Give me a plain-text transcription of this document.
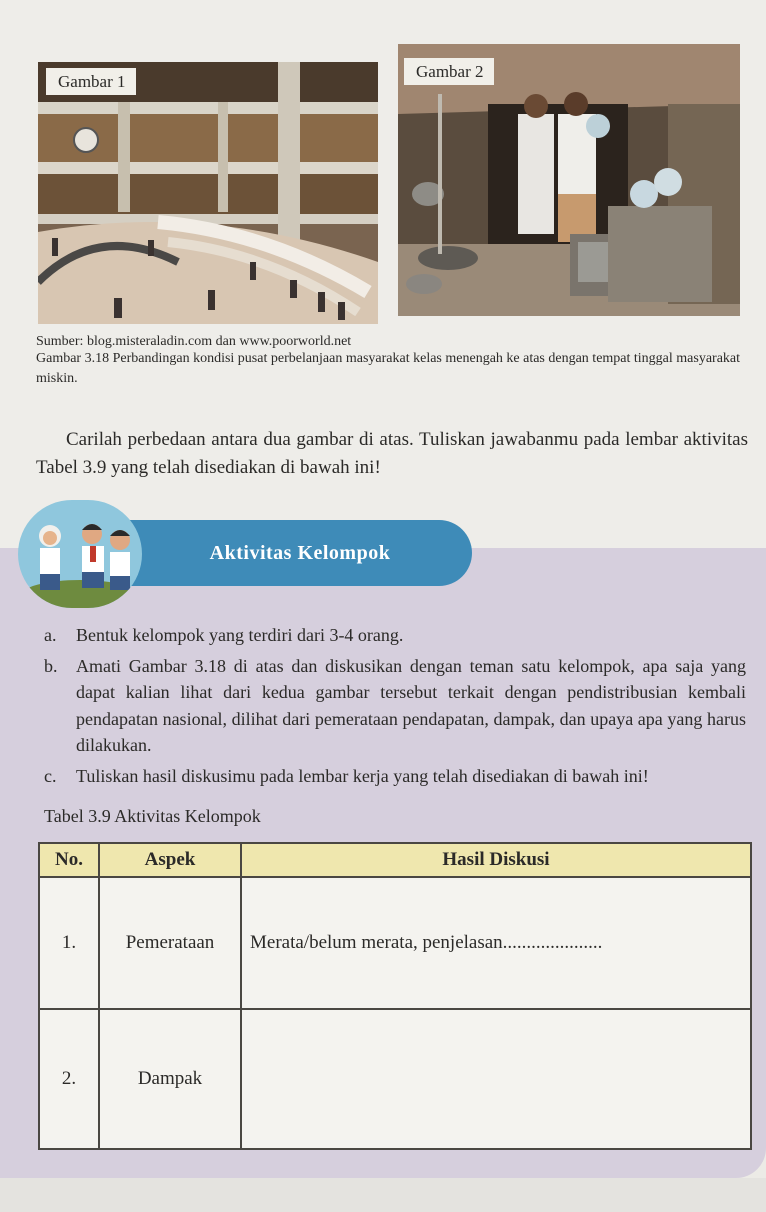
Gambar 1
Gambar 2
Sumber: blog.misteraladin.com dan www.poorworld.net
Gambar 3.18 Perbandingan kondisi pusat perbelanjaan masyarakat kelas menengah ke atas dengan tempat tinggal masyarakat miskin.
Carilah perbedaan antara dua gambar di atas. Tuliskan jawabanmu pada lembar aktivitas Tabel 3.9 yang telah disediakan di bawah ini!
Aktivitas Kelompok
a.	Bentuk kelompok yang terdiri dari 3-4 orang.
b.	Amati Gambar 3.18 di atas dan diskusikan dengan teman satu kelompok, apa saja yang dapat kalian lihat dari kedua gambar tersebut terkait dengan pendistribusian kembali pendapatan nasional, dilihat dari pemerataan pendapatan, dampak, dan upaya apa yang harus dilakukan.
c.	Tuliskan hasil diskusimu pada lembar kerja yang telah disediakan di bawah ini!
Tabel 3.9 Aktivitas Kelompok
No.	Aspek	Hasil Diskusi
1.	Pemerataan	Merata/belum merata, penjelasan.....................
2.	Dampak	
